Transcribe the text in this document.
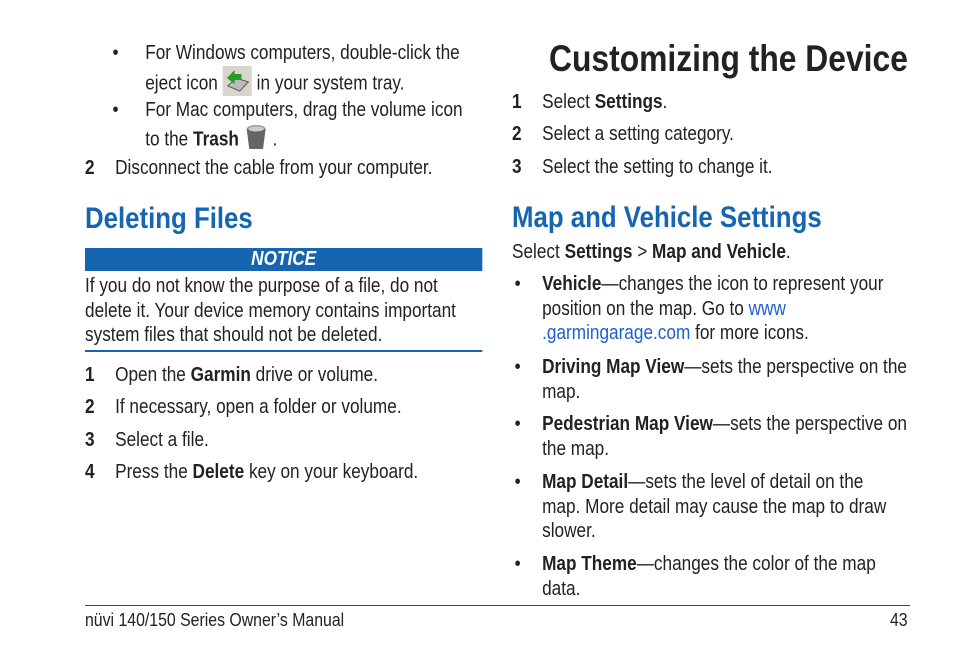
• For Windows computers, double-click the eject icon in your system tray.
• For Mac computers, drag the volume icon to the Trash .
2 Disconnect the cable from your computer.
Deleting Files
NOTICE
If you do not know the purpose of a file, do not delete it. Your device memory contains important system files that should not be deleted.
1 Open the Garmin drive or volume.
2 If necessary, open a folder or volume.
3 Select a file.
4 Press the Delete key on your keyboard.
Customizing the Device
1 Select Settings.
2 Select a setting category.
3 Select the setting to change it.
Map and Vehicle Settings
Select Settings > Map and Vehicle.
• Vehicle—changes the icon to represent your position on the map. Go to www .garmingarage.com for more icons.
• Driving Map View—sets the perspective on the map.
• Pedestrian Map View—sets the perspective on the map.
• Map Detail—sets the level of detail on the map. More detail may cause the map to draw slower.
• Map Theme—changes the color of the map data.
nüvi 140/150 Series Owner’s Manual	43
